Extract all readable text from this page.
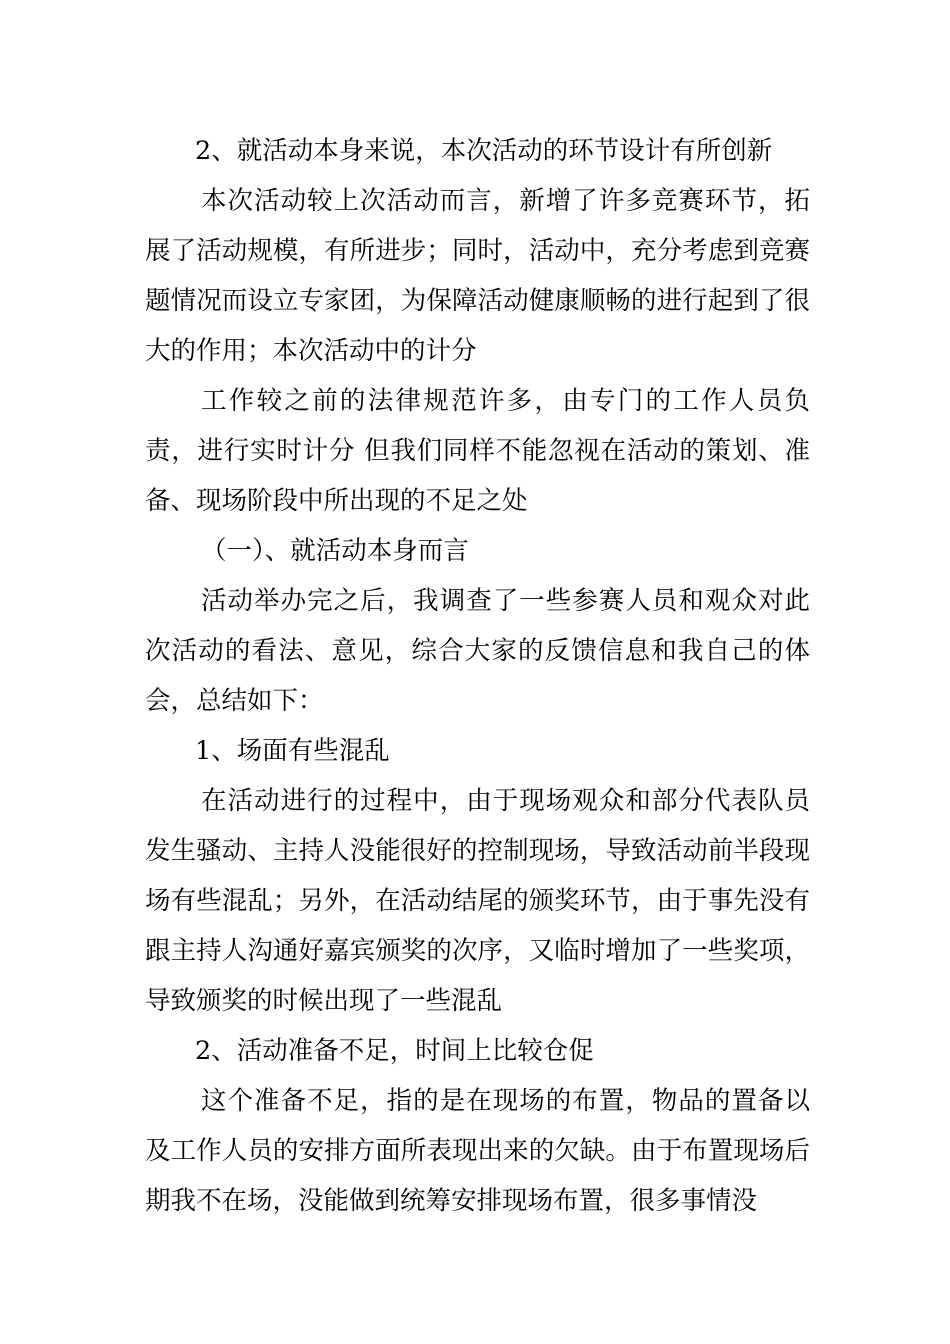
2、就活动本身来说，本次活动的环节设计有所创新

本次活动较上次活动而言，新增了许多竞赛环节，拓展了活动规模，有所进步；同时，活动中，充分考虑到竞赛题情况而设立专家团，为保障活动健康顺畅的进行起到了很大的作用；本次活动中的计分

工作较之前的法律规范许多，由专门的工作人员负责，进行实时计分 但我们同样不能忽视在活动的策划、准备、现场阶段中所出现的不足之处

（一）、就活动本身而言

活动举办完之后，我调查了一些参赛人员和观众对此次活动的看法、意见，综合大家的反馈信息和我自己的体会，总结如下：

1、场面有些混乱

在活动进行的过程中，由于现场观众和部分代表队员发生骚动、主持人没能很好的控制现场，导致活动前半段现场有些混乱；另外，在活动结尾的颁奖环节，由于事先没有跟主持人沟通好嘉宾颁奖的次序，又临时增加了一些奖项，导致颁奖的时候出现了一些混乱

2、活动准备不足，时间上比较仓促

这个准备不足，指的是在现场的布置，物品的置备以及工作人员的安排方面所表现出来的欠缺。由于布置现场后期我不在场，没能做到统筹安排现场布置，很多事情没
